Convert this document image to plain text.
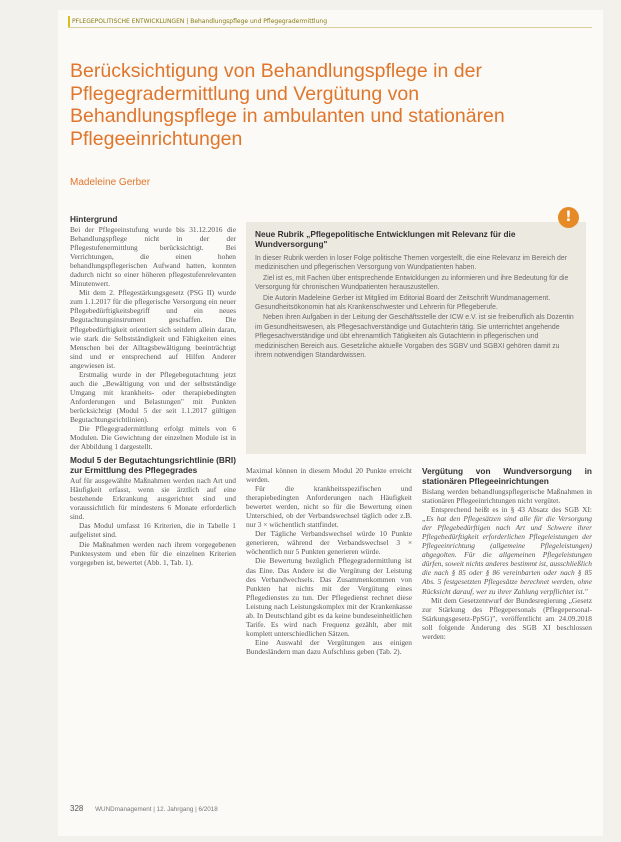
PFLEGEPOLITISCHE ENTWICKLUNGEN | Behandlungspflege und Pflegegradermittlung
Berücksichtigung von Behandlungspflege in der Pflegegradermittlung und Vergütung von Behandlungspflege in ambulanten und stationären Pflegeeinrichtungen
Madeleine Gerber
Hintergrund

Bei der Pflegeeinstufung wurde bis 31.12.2016 die Behandlungspflege nicht in der der Pflegestufenermittlung berücksichtigt. Bei Verrichtungen, die einen hohen behandlungspflegerischen Aufwand hatten, konnten dadurch nicht so einer höheren pflegestufenrelevanten Minutenwert.

Mit dem 2. Pflegestärkungsgesetz (PSG II) wurde zum 1.1.2017 für die pflegerische Versorgung ein neuer Pflegebedürftigkeitsbegriff und ein neues Begutachtungsinstrument geschaffen. Die Pflegebedürftigkeit orientiert sich seitdem allein daran, wie stark die Selbstständigkeit und Fähigkeiten eines Menschen bei der Alltagsbewältigung beeinträchtigt sind und er entsprechend auf Hilfen Anderer angewiesen ist.

Erstmalig wurde in der Pflegebegutachtung jetzt auch die „Bewältigung von und der selbstständige Umgang mit krankheits- oder therapiebedingten Anforderungen und Belastungen" mit Punkten berücksichtigt (Modul 5 der seit 1.1.2017 gültigen Begutachtungsrichtlinien).

Die Pflegegradermittlung erfolgt mittels von 6 Modulen. Die Gewichtung der einzelnen Module ist in der Abbildung 1 dargestellt.

Modul 5 der Begutachtungsrichtlinie (BRI) zur Ermittlung des Pflegegrades

Auf für ausgewählte Maßnahmen werden nach Art und Häufigkeit erfasst, wenn sie ärztlich auf eine bestehende Erkrankung ausgerichtet sind und voraussichtlich für mindestens 6 Monate erforderlich sind.

Das Modul umfasst 16 Kriterien, die in Tabelle 1 aufgelistet sind.

Die Maßnahmen werden nach ihrem vorgegebenen Punktesystem und eben für die einzelnen Kriterien vorgegeben ist, bewertet (Abb. 1, Tab. 1).

Neue Rubrik „Pflegepolitische Entwicklungen mit Relevanz für die Wundversorgung"

In dieser Rubrik werden in loser Folge politische Themen vorgestellt, die eine Relevanz im Bereich der medizinischen und pflegerischen Versorgung von Wundpatienten haben.

Ziel ist es, mit Fachen über entsprechende Entwicklungen zu informieren und ihre Bedeutung für die Versorgung für chronischen Wundpatienten herauszustellen.

Die Autorin Madeleine Gerber ist Mitglied im Editorial Board der Zeitschrift Wundmanagement. Gesundheitsökonomin hat als Krankenschwester und Lehrerin für Pflegeberufe.

Neben ihren Aufgaben in der Leitung der Geschäftsstelle der ICW e.V. ist sie freiberuflich als Dozentin im Gesundheitswesen, als Pflegesachverständige und Gutachterin tätig. Sie unterrichtet angehende Pflegesachverständige und übt ehrenamtlich Tätigkeiten als Gutachterin in pflegerischen und medizinischen Bereich aus. Gesetzliche aktuelle Vorgaben des SGBV und SGBXI gehören damit zu ihrem notwendigen Standardwissen.

!

Maximal können in diesem Modul 20 Punkte erreicht werden.

Für die krankheitsspezifischen und therapiebedingten Anforderungen nach Häufigkeit bewertet werden, nicht so für die Bewertung einen Unterschied, ob der Verbandswechsel täglich oder z.B. nur 3 × wöchentlich stattfindet.

Der Tägliche Verbandswechsel würde 10 Punkte generieren, während der Verbandswechsel 3 × wöchentlich nur 5 Punkten generieren würde.

Die Bewertung bezüglich Pflegegradermittlung ist das Eine. Das Andere ist die Vergütung der Leistung des Verbandwechsels. Das Zusammenkommen von Punkten hat nichts mit der Vergütung eines Pflegedienstes zu tun. Der Pflegedienst rechnet diese Leistung nach Leistungskomplex mit der Krankenkasse ab. In Deutschland gibt es da keine bundeseinheitlichen Tarife. Es wird nach Frequenz gezählt, aber mit komplett unterschiedlichen Sätzen.

Eine Auswahl der Vergütungen aus einigen Bundesländern man dazu Aufschluss geben (Tab. 2).

Vergütung von Wundversorgung in stationären Pflegeeinrichtungen

Bislang werden behandlungspflegerische Maßnahmen in stationären Pflegeeinrichtungen nicht vergütet.

Entsprechend heißt es in § 43 Absatz des SGB XI: „Es hat den Pflegesätzen sind alle für die Versorgung der Pflegebedürftigen nach Art und Schwere ihrer Pflegebedürftigkeit erforderlichen Pflegeleistungen der Pflegeeinrichtung (allgemeine Pflegeleistungen) abgegolten. Für die allgemeinen Pflegeleistungen dürfen, soweit nichts anderes bestimmt ist, ausschließlich die nach § 85 oder § 86 vereinbarten oder nach § 85 Abs. 5 festgesetzten Pflegesätze berechnet werden, ohne Rücksicht darauf, wer zu ihrer Zahlung verpflichtet ist."

Mit dem Gesetzentwurf der Bundesregierung „Gesetz zur Stärkung des Pflegepersonals (Pflegepersonal-Stärkungsgesetz-PpSG)", veröffentlicht am 24.09.2018 soll folgende Änderung des SGB XI beschlossen werden:

328 WUNDmanagement | 12. Jahrgang | 6/2018
